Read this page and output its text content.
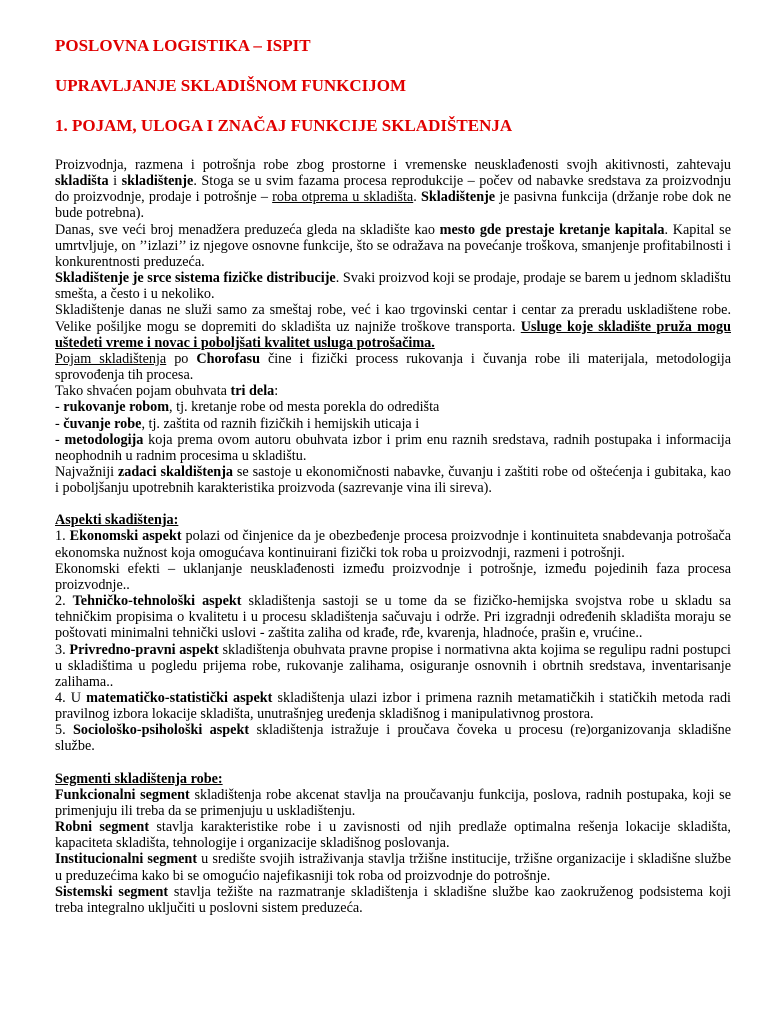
POSLOVNA LOGISTIKA – ISPIT

UPRAVLJANJE SKLADIŠNOM FUNKCIJOM

1. POJAM, ULOGA I ZNAČAJ FUNKCIJE SKLADIŠTENJA

Proizvodnja, razmena i potrošnja robe zbog prostorne i vremenske neusklađenosti svojh akitivnosti, zahtevaju skladišta i skladištenje. Stoga se u svim fazama procesa reprodukcije – počev od nabavke sredstava za proizvodnju do proizvodnje, prodaje i potrošnje – roba otprema u skladišta. Skladištenje je pasivna funkcija (držanje robe dok ne bude potrebna).

Danas, sve veći broj menadžera preduzeća gleda na skladište kao mesto gde prestaje kretanje kapitala. Kapital se umrtvljuje, on ’’izlazi’’ iz njegove osnovne funkcije, što se odražava na povećanje troškova, smanjenje profitabilnosti i konkurentnosti preduzeća.

Skladištenje je srce sistema fizičke distribucije. Svaki proizvod koji se prodaje, prodaje se barem u jednom skladištu smešta, a često i u nekoliko.

Skladištenje danas ne služi samo za smeštaj robe, već i kao trgovinski centar i centar za preradu uskladištene robe. Velike pošiljke mogu se dopremiti do skladišta uz najniže troškove transporta. Usluge koje skladište pruža mogu uštedeti vreme i novac i poboljšati kvalitet usluga potrošačima.

Pojam skladištenja po Chorofasu čine i fizički process rukovanja i čuvanja robe ili materijala, metodologija sprovođenja tih procesa.

Tako shvaćen pojam obuhvata tri dela:

- rukovanje robom, tj. kretanje robe od mesta porekla do odredišta

- čuvanje robe, tj. zaštita od raznih fizičkih i hemijskih uticaja i

- metodologija koja prema ovom autoru obuhvata izbor i prim enu raznih sredstava, radnih postupaka i informacija neophodnih u radnim procesima u skladištu.

Najvažniji zadaci skaldištenja se sastoje u ekonomičnosti nabavke, čuvanju i zaštiti robe od oštećenja i gubitaka, kao i poboljšanju upotrebnih karakteristika proizvoda (sazrevanje vina ili sireva).

Aspekti skadištenja:

1. Ekonomski aspekt polazi od činjenice da je obezbeđenje procesa proizvodnje i kontinuiteta snabdevanja potrošača ekonomska nužnost koja omogućava kontinuirani fizički tok roba u proizvodnji, razmeni i potrošnji.

Ekonomski efekti – uklanjanje neusklađenosti između proizvodnje i potrošnje, između pojedinih faza procesa proizvodnje..

2. Tehničko-tehnološki aspekt skladištenja sastoji se u tome da se fizičko-hemijska svojstva robe u skladu sa tehničkim propisima o kvalitetu i u procesu skladištenja sačuvaju i održe. Pri izgradnji određenih skladišta moraju se poštovati minimalni tehnički uslovi - zaštita zaliha od krađe, rđe, kvarenja, hladnoće, prašin e, vrućine..

3. Privredno-pravni aspekt skladištenja obuhvata pravne propise i normativna akta kojima se regulipu radni postupci u skladištima u pogledu prijema robe, rukovanje zalihama, osiguranje osnovnih i obrtnih sredstava, inventarisanje zalihama..

4. U matematičko-statistički aspekt skladištenja ulazi izbor i primena raznih metamatičkih i statičkih metoda radi pravilnog izbora lokacije skladišta, unutrašnjeg uređenja skladišnog i manipulativnog prostora.

5. Sociološko-psihološki aspekt skladištenja istražuje i proučava čoveka u procesu (re)organizovanja skladišne službe.

Segmenti skladištenja robe:

Funkcionalni segment skladištenja robe akcenat stavlja na proučavanju funkcija, poslova, radnih postupaka, koji se primenjuju ili treba da se primenjuju u uskladištenju.

Robni segment stavlja karakteristike robe i u zavisnosti od njih predlaže optimalna rešenja lokacije skladišta, kapaciteta skladišta, tehnologije i organizacije skladišnog poslovanja.

Institucionalni segment u središte svojih istraživanja stavlja tržišne institucije, tržišne organizacije i skladišne službe u preduzećima kako bi se omogućio najefikasniji tok roba od proizvodnje do potrošnje.

Sistemski segment stavlja težište na razmatranje skladištenja i skladišne službe kao zaokruženog podsistema koji treba integralno uključiti u poslovni sistem preduzeća.
